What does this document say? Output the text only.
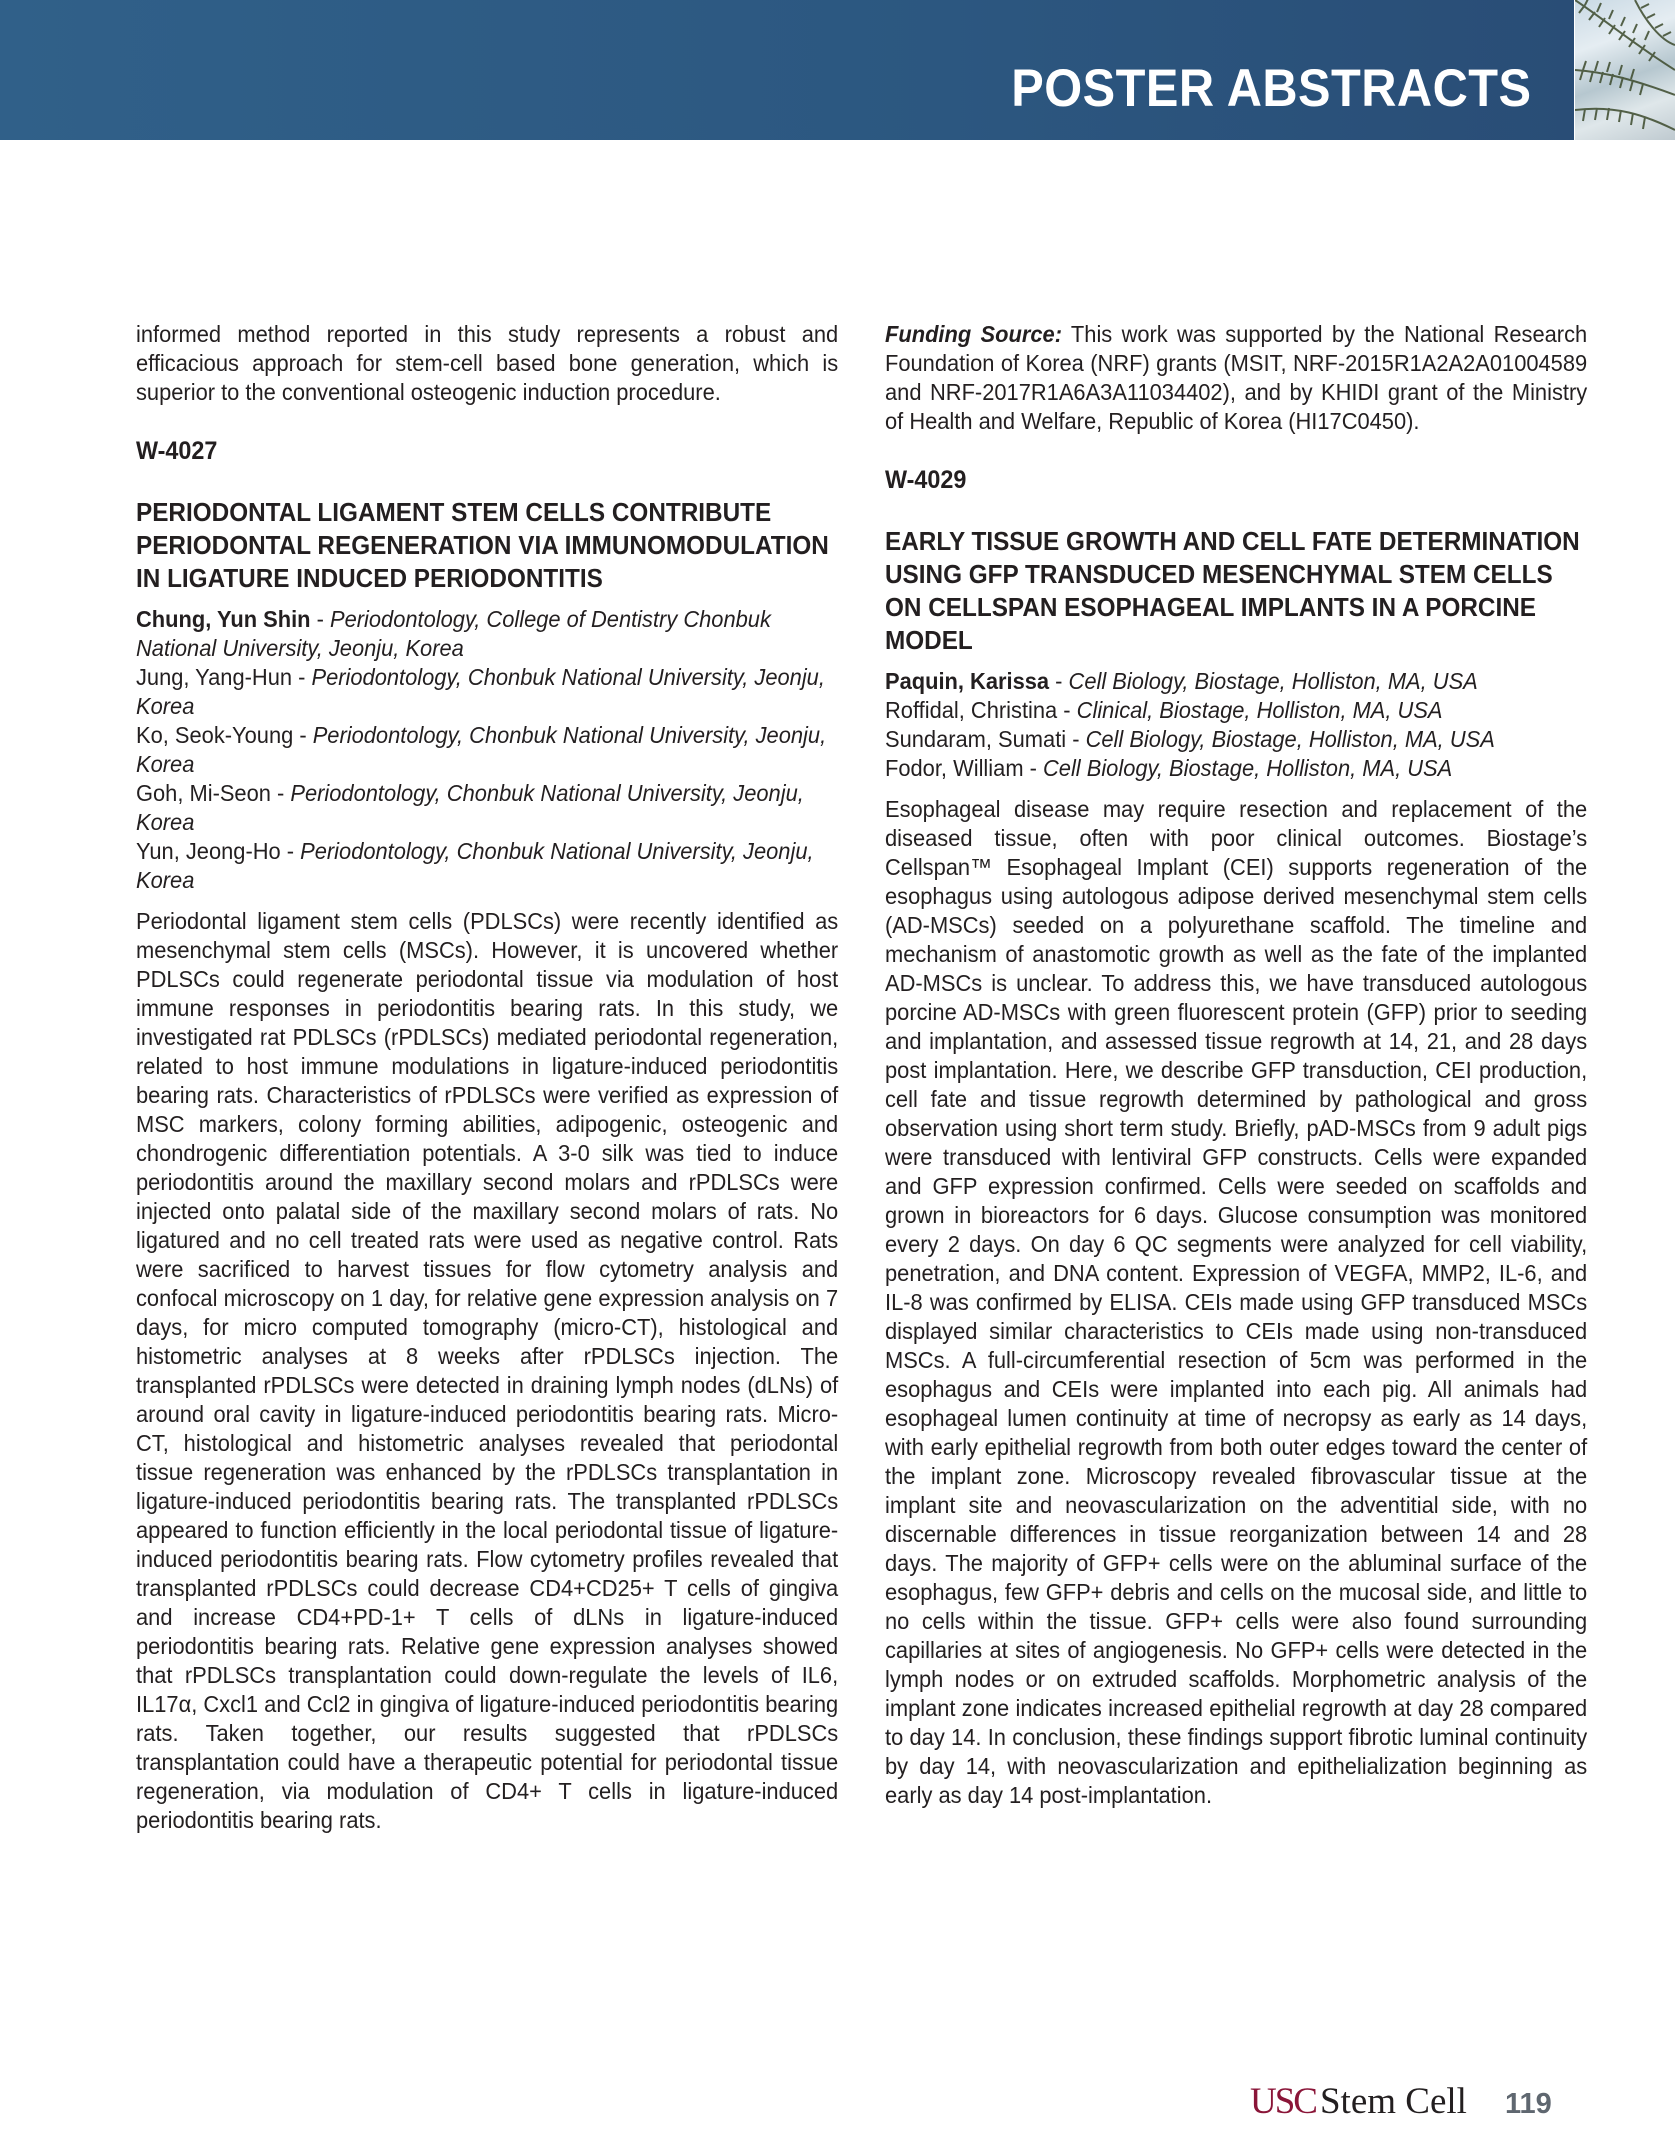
POSTER ABSTRACTS

informed method reported in this study represents a robust and efficacious approach for stem-cell based bone generation, which is superior to the conventional osteogenic induction procedure.

W-4027
PERIODONTAL LIGAMENT STEM CELLS CONTRIBUTE PERIODONTAL REGENERATION VIA IMMUNOMODULATION IN LIGATURE INDUCED PERIODONTITIS
Chung, Yun Shin - Periodontology, College of Dentistry Chonbuk National University, Jeonju, Korea
Jung, Yang-Hun - Periodontology, Chonbuk National University, Jeonju, Korea
Ko, Seok-Young - Periodontology, Chonbuk National University, Jeonju, Korea
Goh, Mi-Seon - Periodontology, Chonbuk National University, Jeonju, Korea
Yun, Jeong-Ho - Periodontology, Chonbuk National University, Jeonju, Korea

Periodontal ligament stem cells (PDLSCs) were recently identified as mesenchymal stem cells (MSCs). However, it is uncovered whether PDLSCs could regenerate periodontal tissue via modulation of host immune responses in periodontitis bearing rats. In this study, we investigated rat PDLSCs (rPDLSCs) mediated periodontal regeneration, related to host immune modulations in ligature-induced periodontitis bearing rats. Characteristics of rPDLSCs were verified as expression of MSC markers, colony forming abilities, adipogenic, osteogenic and chondrogenic differentiation potentials. A 3-0 silk was tied to induce periodontitis around the maxillary second molars and rPDLSCs were injected onto palatal side of the maxillary second molars of rats. No ligatured and no cell treated rats were used as negative control. Rats were sacrificed to harvest tissues for flow cytometry analysis and confocal microscopy on 1 day, for relative gene expression analysis on 7 days, for micro computed tomography (micro-CT), histological and histometric analyses at 8 weeks after rPDLSCs injection. The transplanted rPDLSCs were detected in draining lymph nodes (dLNs) of around oral cavity in ligature-induced periodontitis bearing rats. Micro-CT, histological and histometric analyses revealed that periodontal tissue regeneration was enhanced by the rPDLSCs transplantation in ligature-induced periodontitis bearing rats. The transplanted rPDLSCs appeared to function efficiently in the local periodontal tissue of ligature-induced periodontitis bearing rats. Flow cytometry profiles revealed that transplanted rPDLSCs could decrease CD4+CD25+ T cells of gingiva and increase CD4+PD-1+ T cells of dLNs in ligature-induced periodontitis bearing rats. Relative gene expression analyses showed that rPDLSCs transplantation could down-regulate the levels of IL6, IL17α, Cxcl1 and Ccl2 in gingiva of ligature-induced periodontitis bearing rats. Taken together, our results suggested that rPDLSCs transplantation could have a therapeutic potential for periodontal tissue regeneration, via modulation of CD4+ T cells in ligature-induced periodontitis bearing rats.

Funding Source: This work was supported by the National Research Foundation of Korea (NRF) grants (MSIT, NRF-2015R1A2A2A01004589 and NRF-2017R1A6A3A11034402), and by KHIDI grant of the Ministry of Health and Welfare, Republic of Korea (HI17C0450).

W-4029
EARLY TISSUE GROWTH AND CELL FATE DETERMINATION USING GFP TRANSDUCED MESENCHYMAL STEM CELLS ON CELLSPAN ESOPHAGEAL IMPLANTS IN A PORCINE MODEL
Paquin, Karissa - Cell Biology, Biostage, Holliston, MA, USA
Roffidal, Christina - Clinical, Biostage, Holliston, MA, USA
Sundaram, Sumati - Cell Biology, Biostage, Holliston, MA, USA
Fodor, William - Cell Biology, Biostage, Holliston, MA, USA

Esophageal disease may require resection and replacement of the diseased tissue, often with poor clinical outcomes. Biostage’s Cellspan™ Esophageal Implant (CEI) supports regeneration of the esophagus using autologous adipose derived mesenchymal stem cells (AD-MSCs) seeded on a polyurethane scaffold. The timeline and mechanism of anastomotic growth as well as the fate of the implanted AD-MSCs is unclear. To address this, we have transduced autologous porcine AD-MSCs with green fluorescent protein (GFP) prior to seeding and implantation, and assessed tissue regrowth at 14, 21, and 28 days post implantation. Here, we describe GFP transduction, CEI production, cell fate and tissue regrowth determined by pathological and gross observation using short term study. Briefly, pAD-MSCs from 9 adult pigs were transduced with lentiviral GFP constructs. Cells were expanded and GFP expression confirmed. Cells were seeded on scaffolds and grown in bioreactors for 6 days. Glucose consumption was monitored every 2 days. On day 6 QC segments were analyzed for cell viability, penetration, and DNA content. Expression of VEGFA, MMP2, IL-6, and IL-8 was confirmed by ELISA. CEIs made using GFP transduced MSCs displayed similar characteristics to CEIs made using non-transduced MSCs. A full-circumferential resection of 5cm was performed in the esophagus and CEIs were implanted into each pig. All animals had esophageal lumen continuity at time of necropsy as early as 14 days, with early epithelial regrowth from both outer edges toward the center of the implant zone. Microscopy revealed fibrovascular tissue at the implant site and neovascularization on the adventitial side, with no discernable differences in tissue reorganization between 14 and 28 days. The majority of GFP+ cells were on the abluminal surface of the esophagus, few GFP+ debris and cells on the mucosal side, and little to no cells within the tissue. GFP+ cells were also found surrounding capillaries at sites of angiogenesis. No GFP+ cells were detected in the lymph nodes or on extruded scaffolds. Morphometric analysis of the implant zone indicates increased epithelial regrowth at day 28 compared to day 14. In conclusion, these findings support fibrotic luminal continuity by day 14, with neovascularization and epithelialization beginning as early as day 14 post-implantation.

USC Stem Cell 119
